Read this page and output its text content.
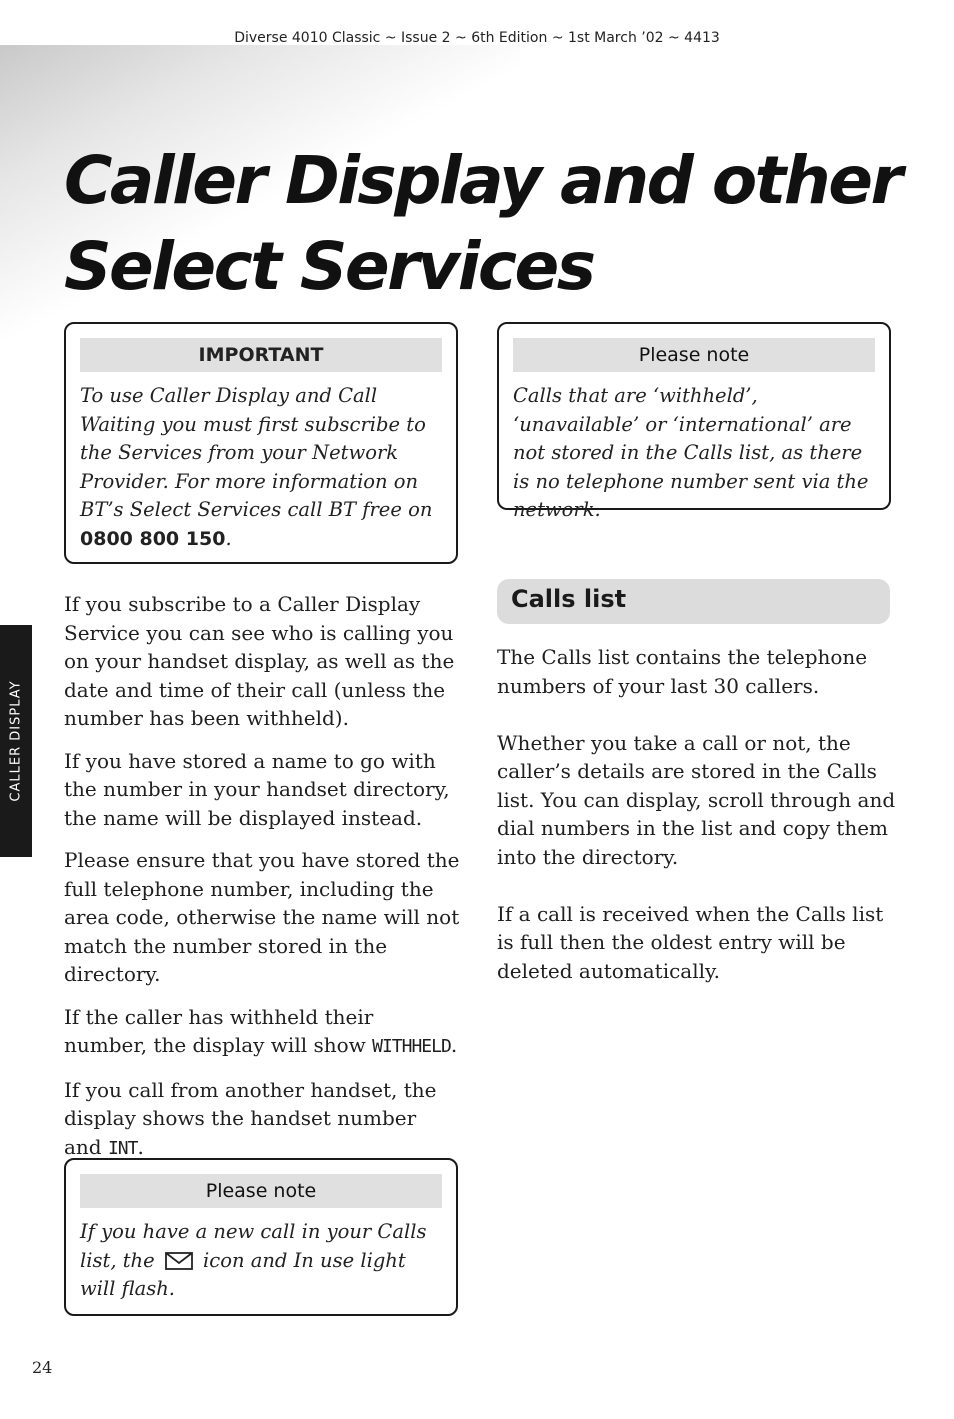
Diverse 4010 Classic ~ Issue 2 ~ 6th Edition ~ 1st March ’02 ~ 4413
Caller Display and other
Select Services
IMPORTANT
To use Caller Display and Call Waiting you must first subscribe to the Services from your Network Provider. For more information on BT’s Select Services call BT free on 0800 800 150.

If you subscribe to a Caller Display Service you can see who is calling you on your handset display, as well as the date and time of their call (unless the number has been withheld).

If you have stored a name to go with the number in your handset directory, the name will be displayed instead.

Please ensure that you have stored the full telephone number, including the area code, otherwise the name will not match the number stored in the directory.

If the caller has withheld their number, the display will show WITHHELD.

If you call from another handset, the display shows the handset number and INT.

Please note
If you have a new call in your Calls list, the  icon and In use light will flash.
Please note
Calls that are ‘withheld’, ‘unavailable’ or ‘international’ are not stored in the Calls list, as there is no telephone number sent via the network.
Calls list

The Calls list contains the telephone numbers of your last 30 callers.

Whether you take a call or not, the caller’s details are stored in the Calls list. You can display, scroll through and dial numbers in the list and copy them into the directory.

If a call is received when the Calls list is full then the oldest entry will be deleted automatically.

CALLER DISPLAY
24
